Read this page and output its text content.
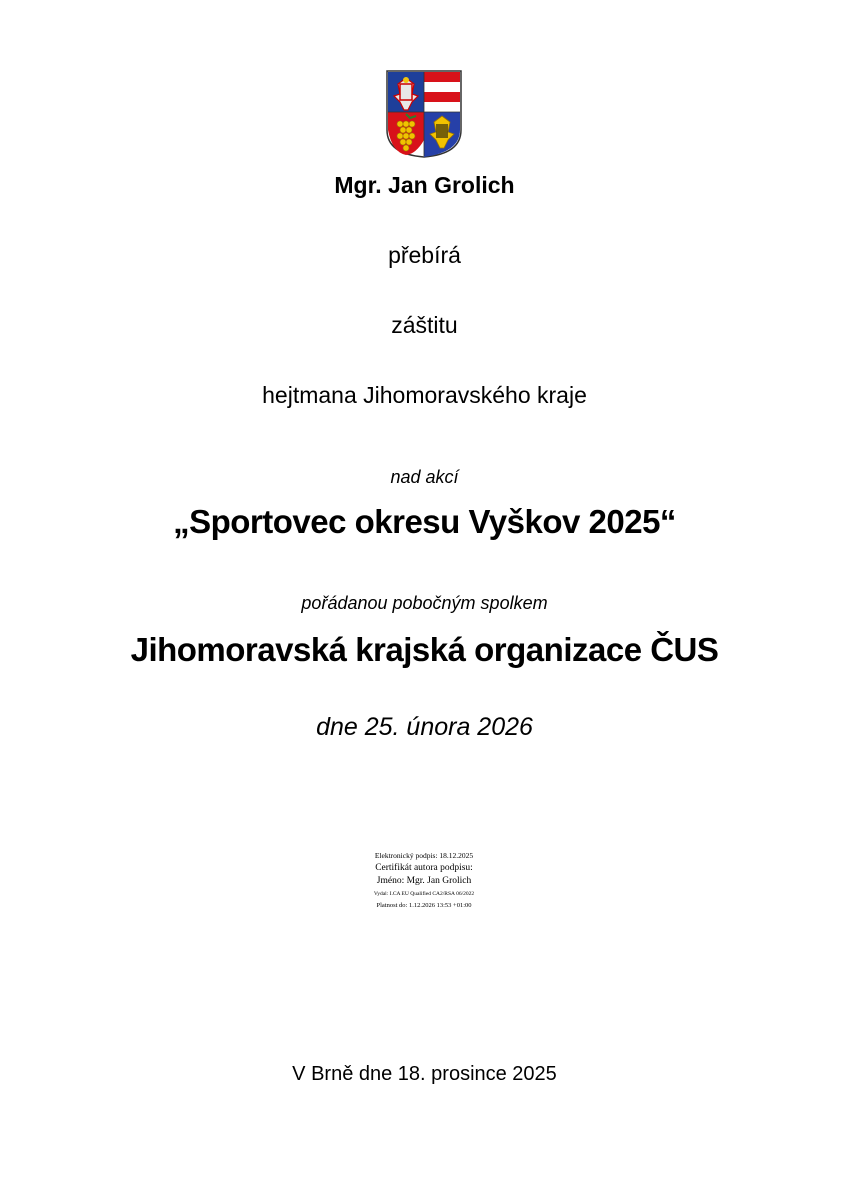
Mgr. Jan Grolich
přebírá
záštitu
hejtmana Jihomoravského kraje
nad akcí
„Sportovec okresu Vyškov 2025“
pořádanou pobočným spolkem
Jihomoravská krajská organizace ČUS
dne 25. února 2026
Elektronický podpis: 18.12.2025
Certifikát autora podpisu:
Jméno: Mgr. Jan Grolich
Vydal: I.CA EU Qualified CA2/RSA 06/2022
Platnost do: 1.12.2026 13:53 +01:00
V Brně dne 18. prosince 2025
